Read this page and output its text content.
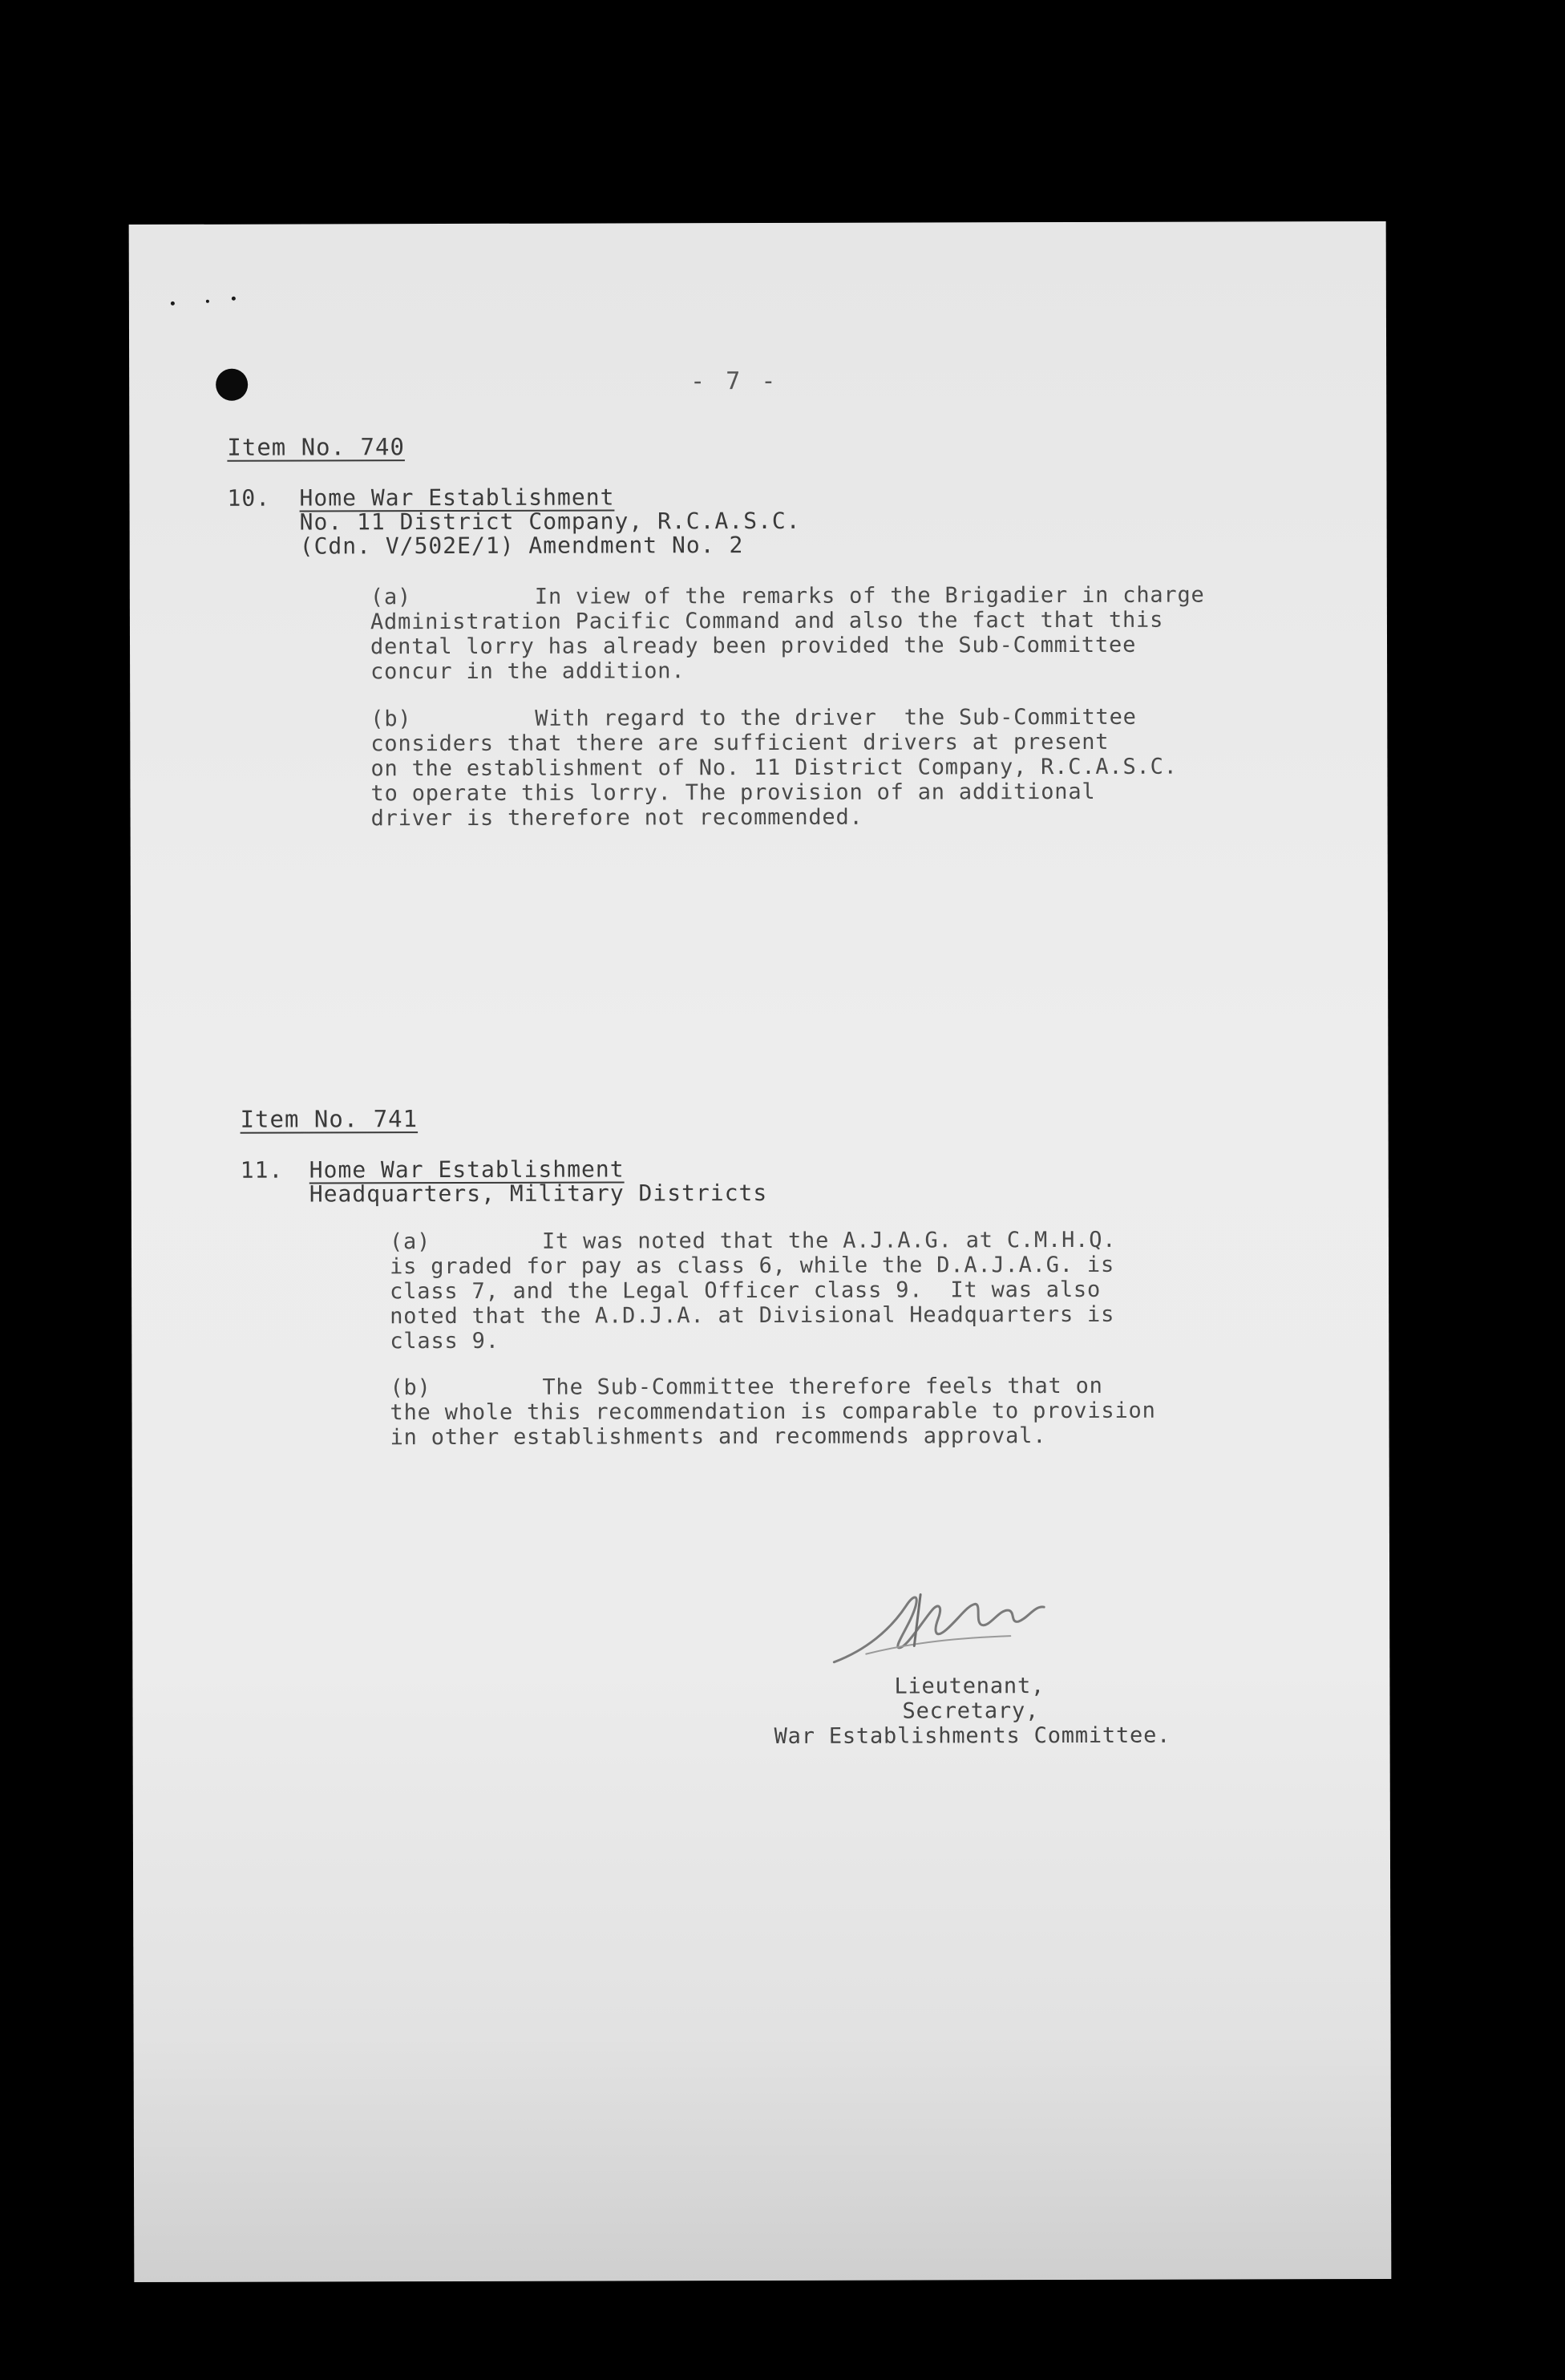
- 7 -
Item No. 740
10. Home War Establishment
No. 11 District Company, R.C.A.S.C.
(Cdn. V/502E/1) Amendment No. 2
(a)	In view of the remarks of the Brigadier in charge
Administration Pacific Command and also the fact that this
dental lorry has already been provided the Sub-Committee
concur in the addition.
(b)	With regard to the driver  the Sub-Committee
considers that there are sufficient drivers at present
on the establishment of No. 11 District Company, R.C.A.S.C.
to operate this lorry. The provision of an additional
driver is therefore not recommended.
Item No. 741
11. Home War Establishment
Headquarters, Military Districts
(a)	It was noted that the A.J.A.G. at C.M.H.Q.
is graded for pay as class 6, while the D.A.J.A.G. is
class 7, and the Legal Officer class 9.  It was also
noted that the A.D.J.A. at Divisional Headquarters is
class 9.
(b)	The Sub-Committee therefore feels that on
the whole this recommendation is comparable to provision
in other establishments and recommends approval.
Lieutenant,
Secretary,
War Establishments Committee.
